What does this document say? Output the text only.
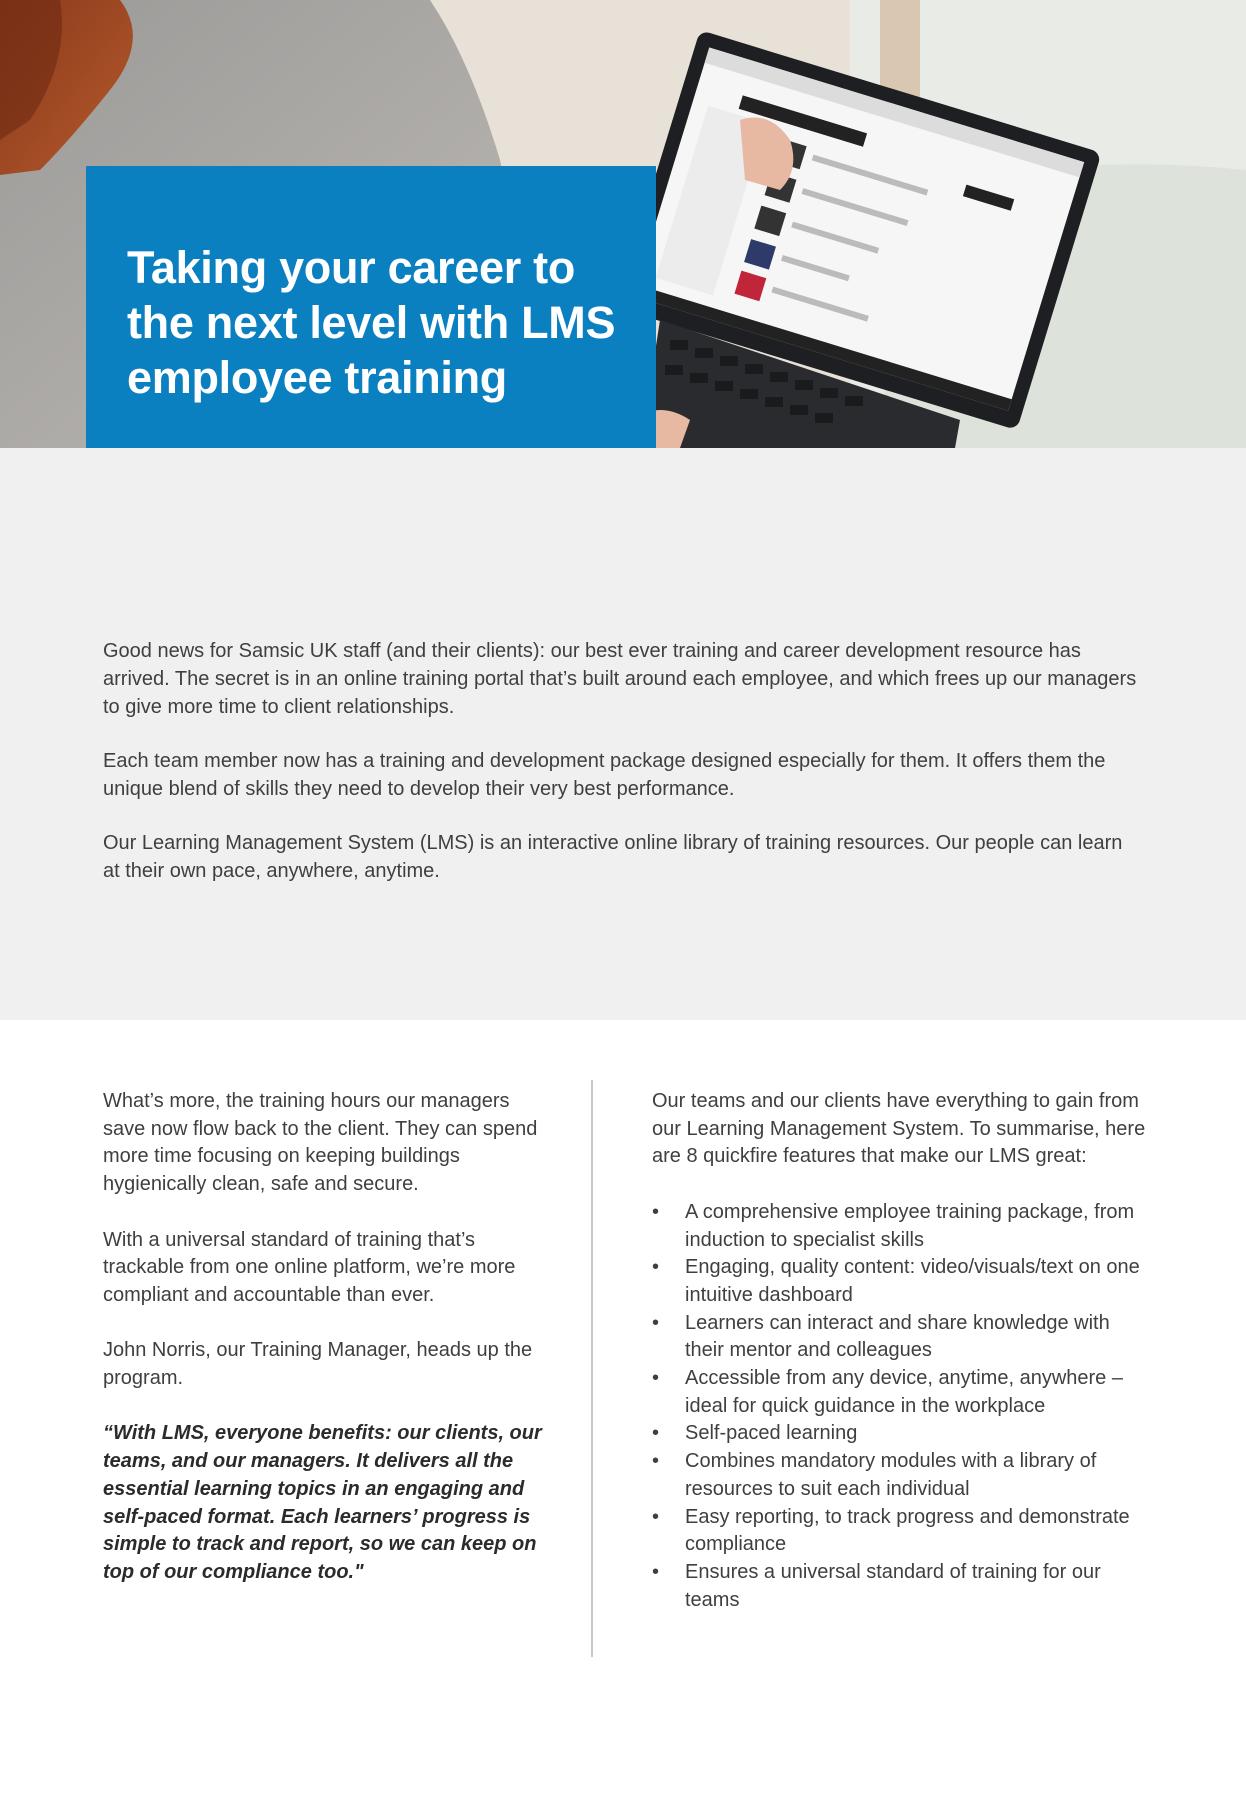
Taking your career to the next level with LMS employee training

Good news for Samsic UK staff (and their clients): our best ever training and career development resource has arrived. The secret is in an online training portal that’s built around each employee, and which frees up our managers to give more time to client relationships.

Each team member now has a training and development package designed especially for them. It offers them the unique blend of skills they need to develop their very best performance.

Our Learning Management System (LMS) is an interactive online library of training resources. Our people can learn at their own pace, anywhere, anytime.

What’s more, the training hours our managers save now flow back to the client. They can spend more time focusing on keeping buildings hygienically clean, safe and secure.

With a universal standard of training that’s trackable from one online platform, we’re more compliant and accountable than ever.

John Norris, our Training Manager, heads up the program.

“With LMS, everyone benefits: our clients, our teams, and our managers. It delivers all the essential learning topics in an engaging and self-paced format. Each learners’ progress is simple to track and report, so we can keep on top of our compliance too."

Our teams and our clients have everything to gain from our Learning Management System. To summarise, here are 8 quickfire features that make our LMS great:

• A comprehensive employee training package, from induction to specialist skills
• Engaging, quality content: video/visuals/text on one intuitive dashboard
• Learners can interact and share knowledge with their mentor and colleagues
• Accessible from any device, anytime, anywhere – ideal for quick guidance in the workplace
• Self-paced learning
• Combines mandatory modules with a library of resources to suit each individual
• Easy reporting, to track progress and demonstrate compliance
• Ensures a universal standard of training for our teams
